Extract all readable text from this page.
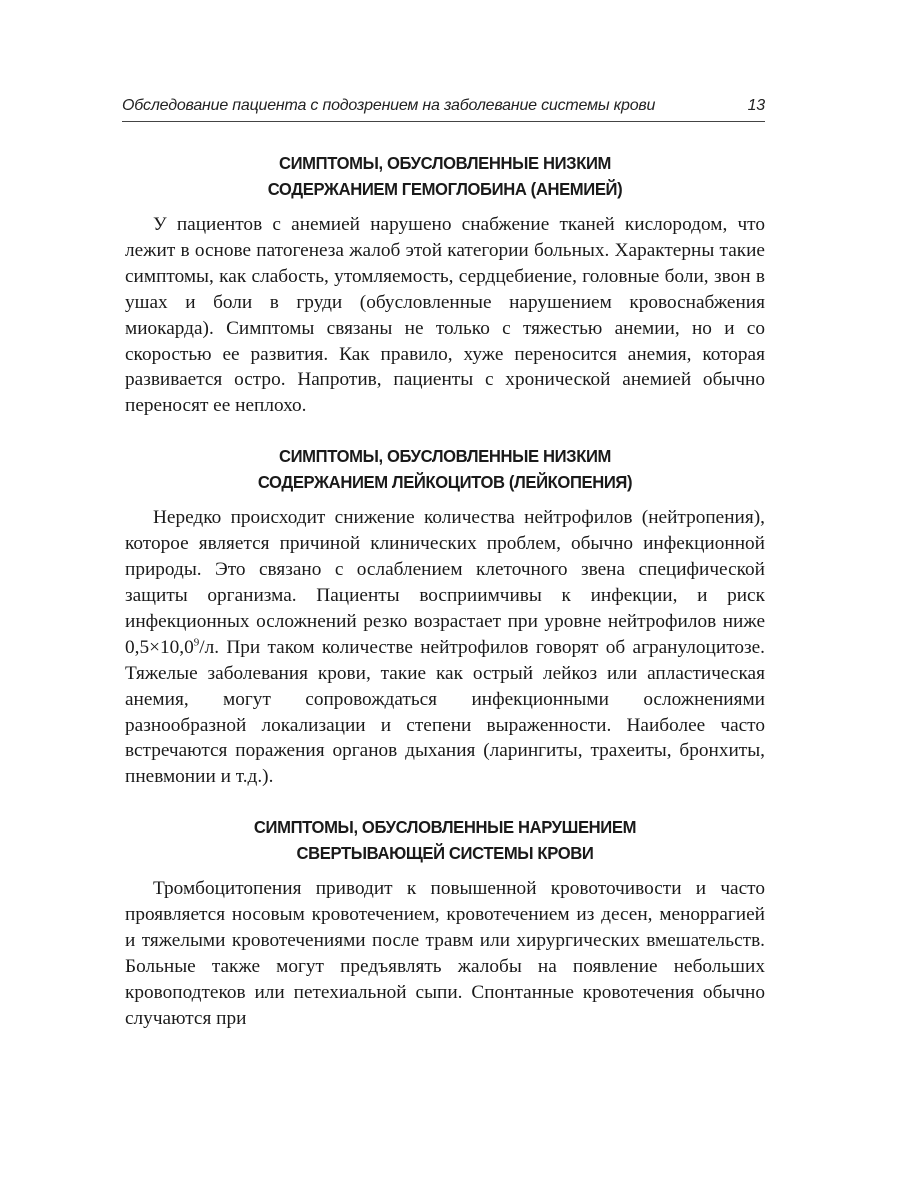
Обследование пациента с подозрением на заболевание системы крови	13
СИМПТОМЫ, ОБУСЛОВЛЕННЫЕ НИЗКИМ
СОДЕРЖАНИЕМ ГЕМОГЛОБИНА (АНЕМИЕЙ)

У пациентов с анемией нарушено снабжение тканей кислородом, что лежит в основе патогенеза жалоб этой категории больных. Характерны такие симптомы, как слабость, утомляемость, сердцебиение, головные боли, звон в ушах и боли в груди (обусловленные нарушением кровоснабжения миокарда). Симптомы связаны не только с тяжестью анемии, но и со скоростью ее развития. Как правило, хуже переносится анемия, которая развивается остро. Напротив, пациенты с хронической анемией обычно переносят ее неплохо.

СИМПТОМЫ, ОБУСЛОВЛЕННЫЕ НИЗКИМ
СОДЕРЖАНИЕМ ЛЕЙКОЦИТОВ (ЛЕЙКОПЕНИЯ)

Нередко происходит снижение количества нейтрофилов (нейтропения), которое является причиной клинических проблем, обычно инфекционной природы. Это связано с ослаблением клеточного звена специфической защиты организма. Пациенты восприимчивы к инфекции, и риск инфекционных осложнений резко возрастает при уровне нейтрофилов ниже $0,5\times 10,0^9/л$. При таком количестве нейтрофилов говорят об агранулоцитозе. Тяжелые заболевания крови, такие как острый лейкоз или апластическая анемия, могут сопровождаться инфекционными осложнениями разнообразной локализации и степени выраженности. Наиболее часто встречаются поражения органов дыхания (ларингиты, трахеиты, бронхиты, пневмонии и т.д.).

СИМПТОМЫ, ОБУСЛОВЛЕННЫЕ НАРУШЕНИЕМ
СВЕРТЫВАЮЩЕЙ СИСТЕМЫ КРОВИ

Тромбоцитопения приводит к повышенной кровоточивости и часто проявляется носовым кровотечением, кровотечением из десен, меноррагией и тяжелыми кровотечениями после травм или хирургических вмешательств. Больные также могут предъявлять жалобы на появление небольших кровоподтеков или петехиальной сыпи. Спонтанные кровотечения обычно случаются при
